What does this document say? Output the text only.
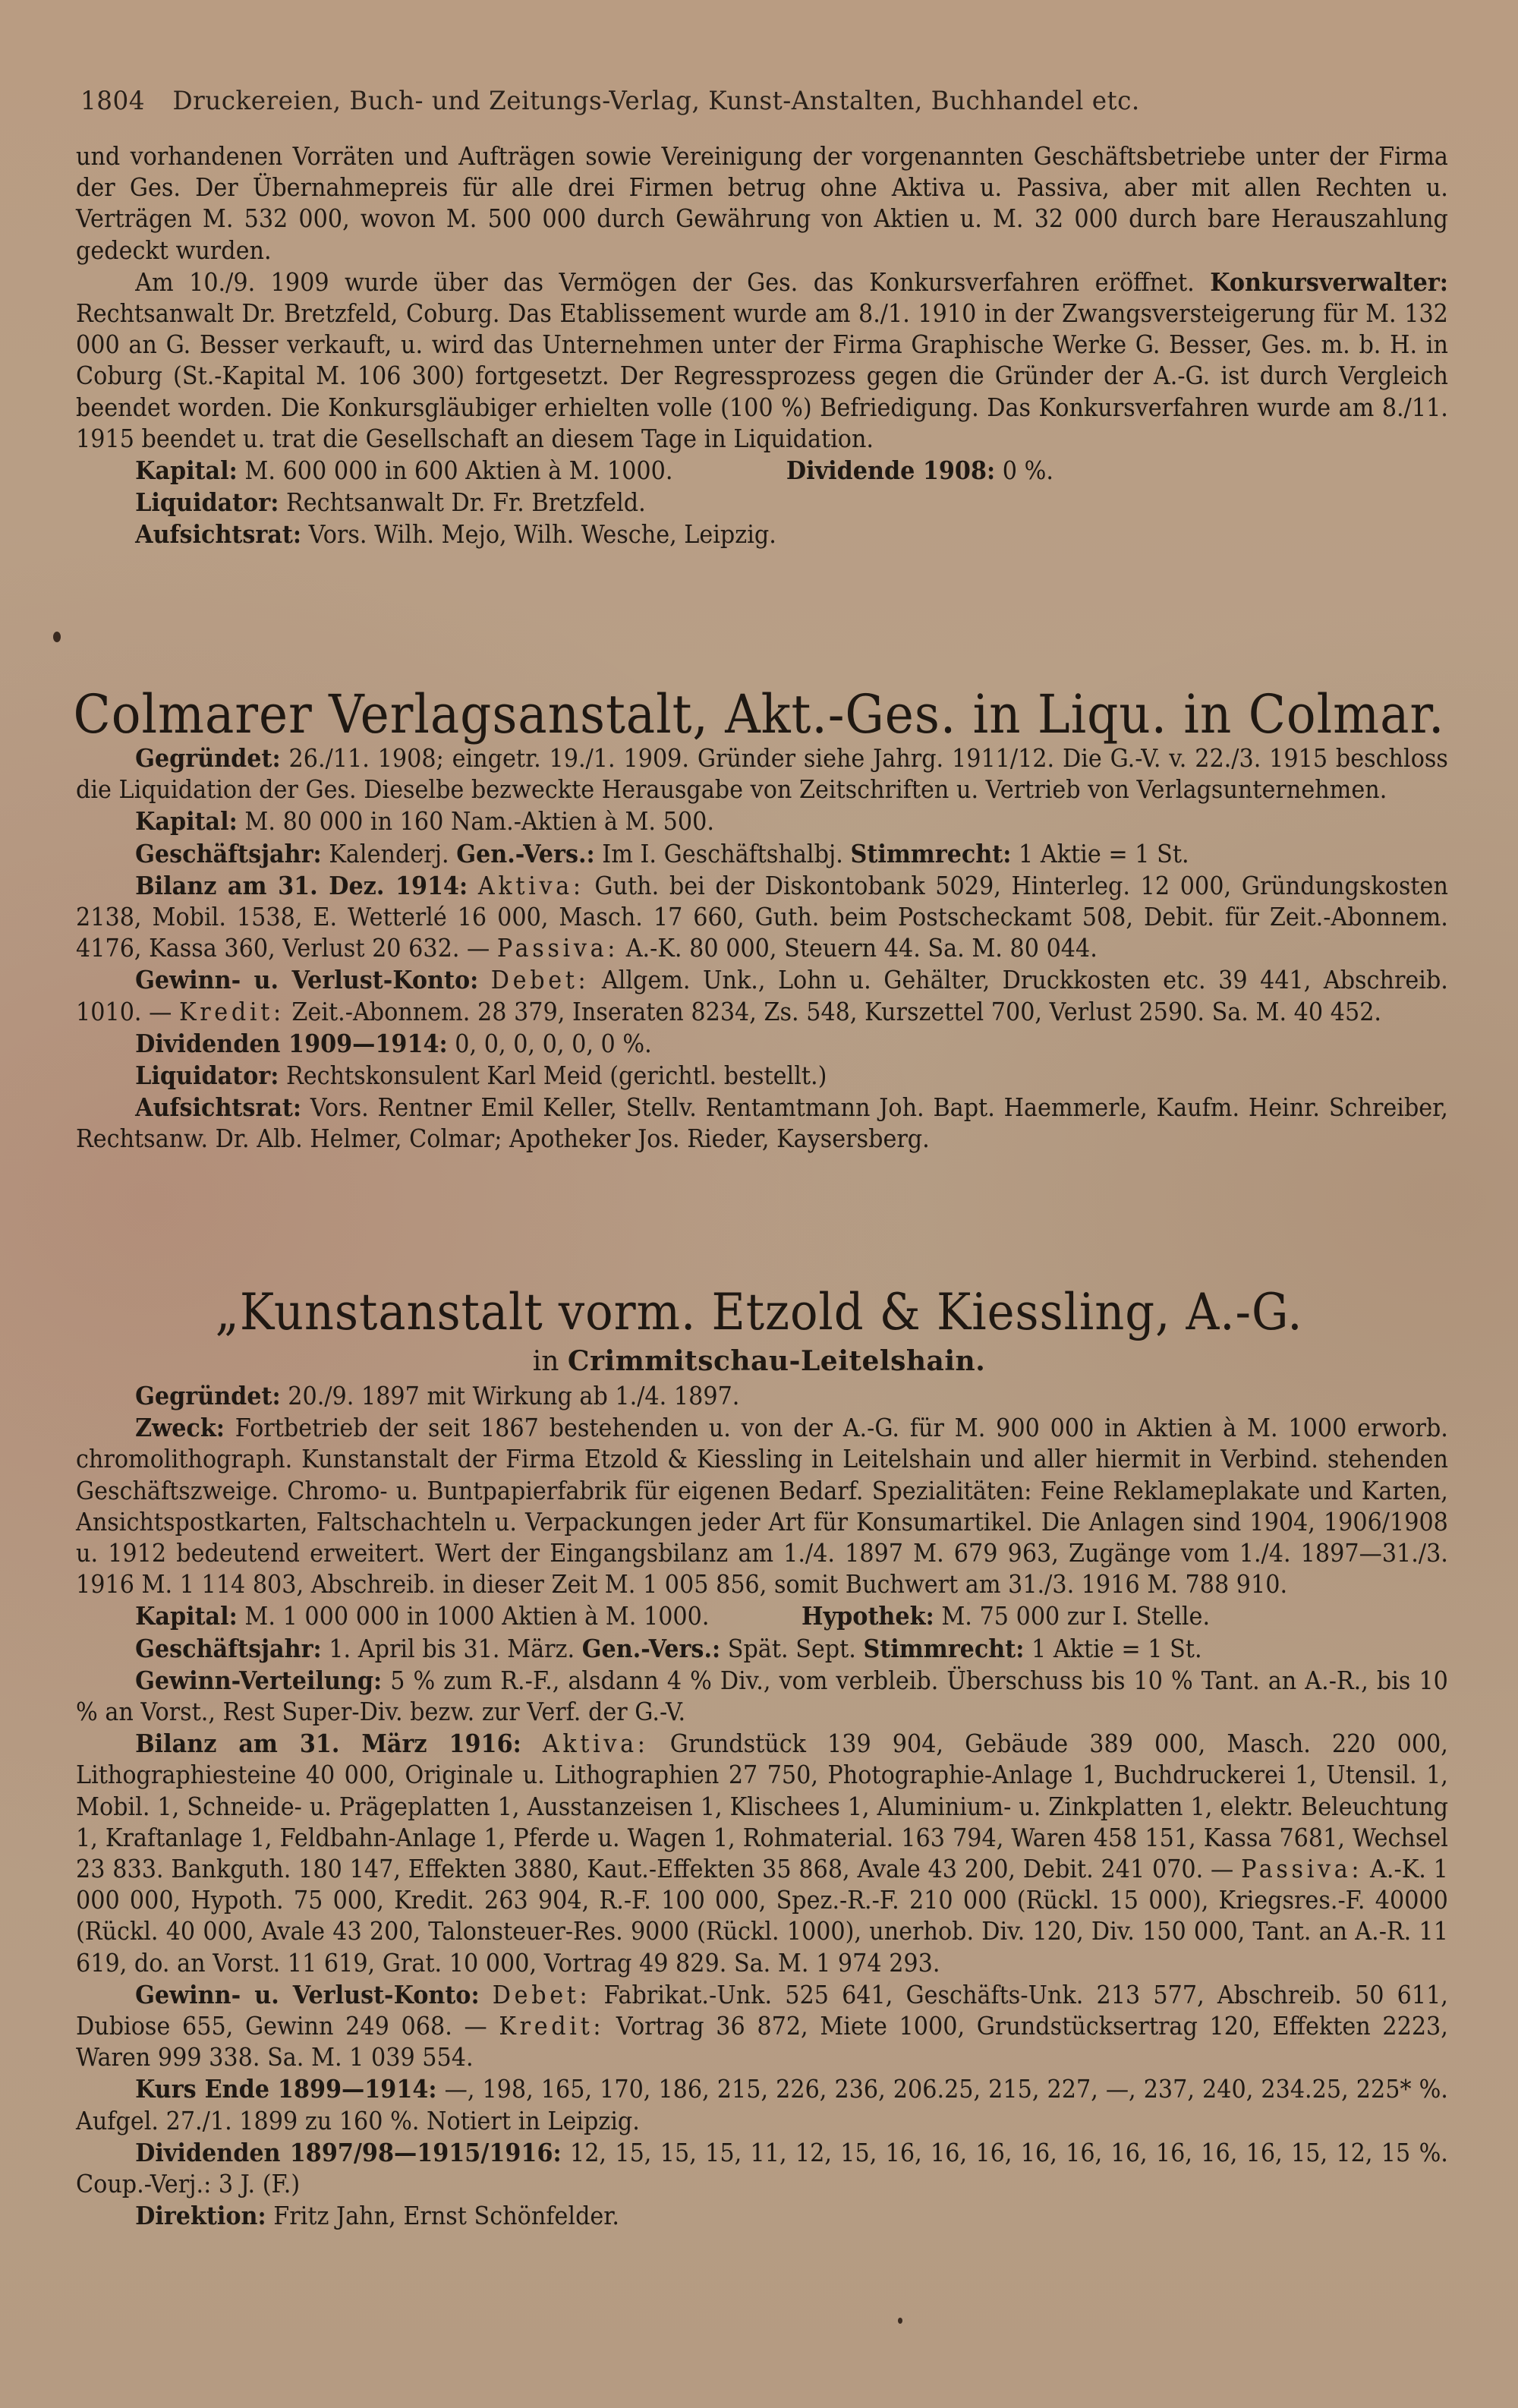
1804 Druckereien, Buch- und Zeitungs-Verlag, Kunst-Anstalten, Buchhandel etc.

und vorhandenen Vorräten und Aufträgen sowie Vereinigung der vorgenannten Geschäftsbetriebe unter der Firma der Ges. Der Übernahmepreis für alle drei Firmen betrug ohne Aktiva u. Passiva, aber mit allen Rechten u. Verträgen M. 532 000, wovon M. 500 000 durch Gewährung von Aktien u. M. 32 000 durch bare Herauszahlung gedeckt wurden.

Am 10./9. 1909 wurde über das Vermögen der Ges. das Konkursverfahren eröffnet. Konkursverwalter: Rechtsanwalt Dr. Bretzfeld, Coburg. Das Etablissement wurde am 8./1. 1910 in der Zwangsversteigerung für M. 132 000 an G. Besser verkauft, u. wird das Unternehmen unter der Firma Graphische Werke G. Besser, Ges. m. b. H. in Coburg (St.-Kapital M. 106 300) fortgesetzt. Der Regressprozess gegen die Gründer der A.-G. ist durch Vergleich beendet worden. Die Konkursgläubiger erhielten volle (100 %) Befriedigung. Das Konkursverfahren wurde am 8./11. 1915 beendet u. trat die Gesellschaft an diesem Tage in Liquidation.

Kapital: M. 600 000 in 600 Aktien à M. 1000.	Dividende 1908: 0 %.

Liquidator: Rechtsanwalt Dr. Fr. Bretzfeld.

Aufsichtsrat: Vors. Wilh. Mejo, Wilh. Wesche, Leipzig.

Colmarer Verlagsanstalt, Akt.-Ges. in Liqu. in Colmar.

Gegründet: 26./11. 1908; eingetr. 19./1. 1909. Gründer siehe Jahrg. 1911/12. Die G.-V. v. 22./3. 1915 beschloss die Liquidation der Ges. Dieselbe bezweckte Herausgabe von Zeitschriften u. Vertrieb von Verlagsunternehmen.

Kapital: M. 80 000 in 160 Nam.-Aktien à M. 500.

Geschäftsjahr: Kalenderj. Gen.-Vers.: Im I. Geschäftshalbj. Stimmrecht: 1 Aktie = 1 St.

Bilanz am 31. Dez. 1914: Aktiva: Guth. bei der Diskontobank 5029, Hinterleg. 12 000, Gründungskosten 2138, Mobil. 1538, E. Wetterlé 16 000, Masch. 17 660, Guth. beim Postscheckamt 508, Debit. für Zeit.-Abonnem. 4176, Kassa 360, Verlust 20 632. — Passiva: A.-K. 80 000, Steuern 44. Sa. M. 80 044.

Gewinn- u. Verlust-Konto: Debet: Allgem. Unk., Lohn u. Gehälter, Druckkosten etc. 39 441, Abschreib. 1010. — Kredit: Zeit.-Abonnem. 28 379, Inseraten 8234, Zs. 548, Kurszettel 700, Verlust 2590. Sa. M. 40 452.

Dividenden 1909—1914: 0, 0, 0, 0, 0, 0 %.

Liquidator: Rechtskonsulent Karl Meid (gerichtl. bestellt.)

Aufsichtsrat: Vors. Rentner Emil Keller, Stellv. Rentamtmann Joh. Bapt. Haemmerle, Kaufm. Heinr. Schreiber, Rechtsanw. Dr. Alb. Helmer, Colmar; Apotheker Jos. Rieder, Kaysersberg.

„Kunstanstalt vorm. Etzold & Kiessling, A.-G.
in Crimmitschau-Leitelshain.

Gegründet: 20./9. 1897 mit Wirkung ab 1./4. 1897.

Zweck: Fortbetrieb der seit 1867 bestehenden u. von der A.-G. für M. 900 000 in Aktien à M. 1000 erworb. chromolithograph. Kunstanstalt der Firma Etzold & Kiessling in Leitelshain und aller hiermit in Verbind. stehenden Geschäftszweige. Chromo- u. Buntpapierfabrik für eigenen Bedarf. Spezialitäten: Feine Reklameplakate und Karten, Ansichtspostkarten, Faltschachteln u. Verpackungen jeder Art für Konsumartikel. Die Anlagen sind 1904, 1906/1908 u. 1912 bedeutend erweitert. Wert der Eingangsbilanz am 1./4. 1897 M. 679 963, Zugänge vom 1./4. 1897—31./3. 1916 M. 1 114 803, Abschreib. in dieser Zeit M. 1 005 856, somit Buchwert am 31./3. 1916 M. 788 910.

Kapital: M. 1 000 000 in 1000 Aktien à M. 1000.	Hypothek: M. 75 000 zur I. Stelle.

Geschäftsjahr: 1. April bis 31. März. Gen.-Vers.: Spät. Sept. Stimmrecht: 1 Aktie = 1 St.

Gewinn-Verteilung: 5 % zum R.-F., alsdann 4 % Div., vom verbleib. Überschuss bis 10 % Tant. an A.-R., bis 10 % an Vorst., Rest Super-Div. bezw. zur Verf. der G.-V.

Bilanz am 31. März 1916: Aktiva: Grundstück 139 904, Gebäude 389 000, Masch. 220 000, Lithographiesteine 40 000, Originale u. Lithographien 27 750, Photographie-Anlage 1, Buchdruckerei 1, Utensil. 1, Mobil. 1, Schneide- u. Prägeplatten 1, Ausstanzeisen 1, Klischees 1, Aluminium- u. Zinkplatten 1, elektr. Beleuchtung 1, Kraftanlage 1, Feldbahn-Anlage 1, Pferde u. Wagen 1, Rohmaterial. 163 794, Waren 458 151, Kassa 7681, Wechsel 23 833. Bankguth. 180 147, Effekten 3880, Kaut.-Effekten 35 868, Avale 43 200, Debit. 241 070. — Passiva: A.-K. 1 000 000, Hypoth. 75 000, Kredit. 263 904, R.-F. 100 000, Spez.-R.-F. 210 000 (Rückl. 15 000), Kriegsres.-F. 40000 (Rückl. 40 000, Avale 43 200, Talonsteuer-Res. 9000 (Rückl. 1000), unerhob. Div. 120, Div. 150 000, Tant. an A.-R. 11 619, do. an Vorst. 11 619, Grat. 10 000, Vortrag 49 829. Sa. M. 1 974 293.

Gewinn- u. Verlust-Konto: Debet: Fabrikat.-Unk. 525 641, Geschäfts-Unk. 213 577, Abschreib. 50 611, Dubiose 655, Gewinn 249 068. — Kredit: Vortrag 36 872, Miete 1000, Grundstücksertrag 120, Effekten 2223, Waren 999 338. Sa. M. 1 039 554.

Kurs Ende 1899—1914: —, 198, 165, 170, 186, 215, 226, 236, 206.25, 215, 227, —, 237, 240, 234.25, 225* %. Aufgel. 27./1. 1899 zu 160 %. Notiert in Leipzig.

Dividenden 1897/98—1915/1916: 12, 15, 15, 15, 11, 12, 15, 16, 16, 16, 16, 16, 16, 16, 16, 16, 15, 12, 15 %. Coup.-Verj.: 3 J. (F.)

Direktion: Fritz Jahn, Ernst Schönfelder.
